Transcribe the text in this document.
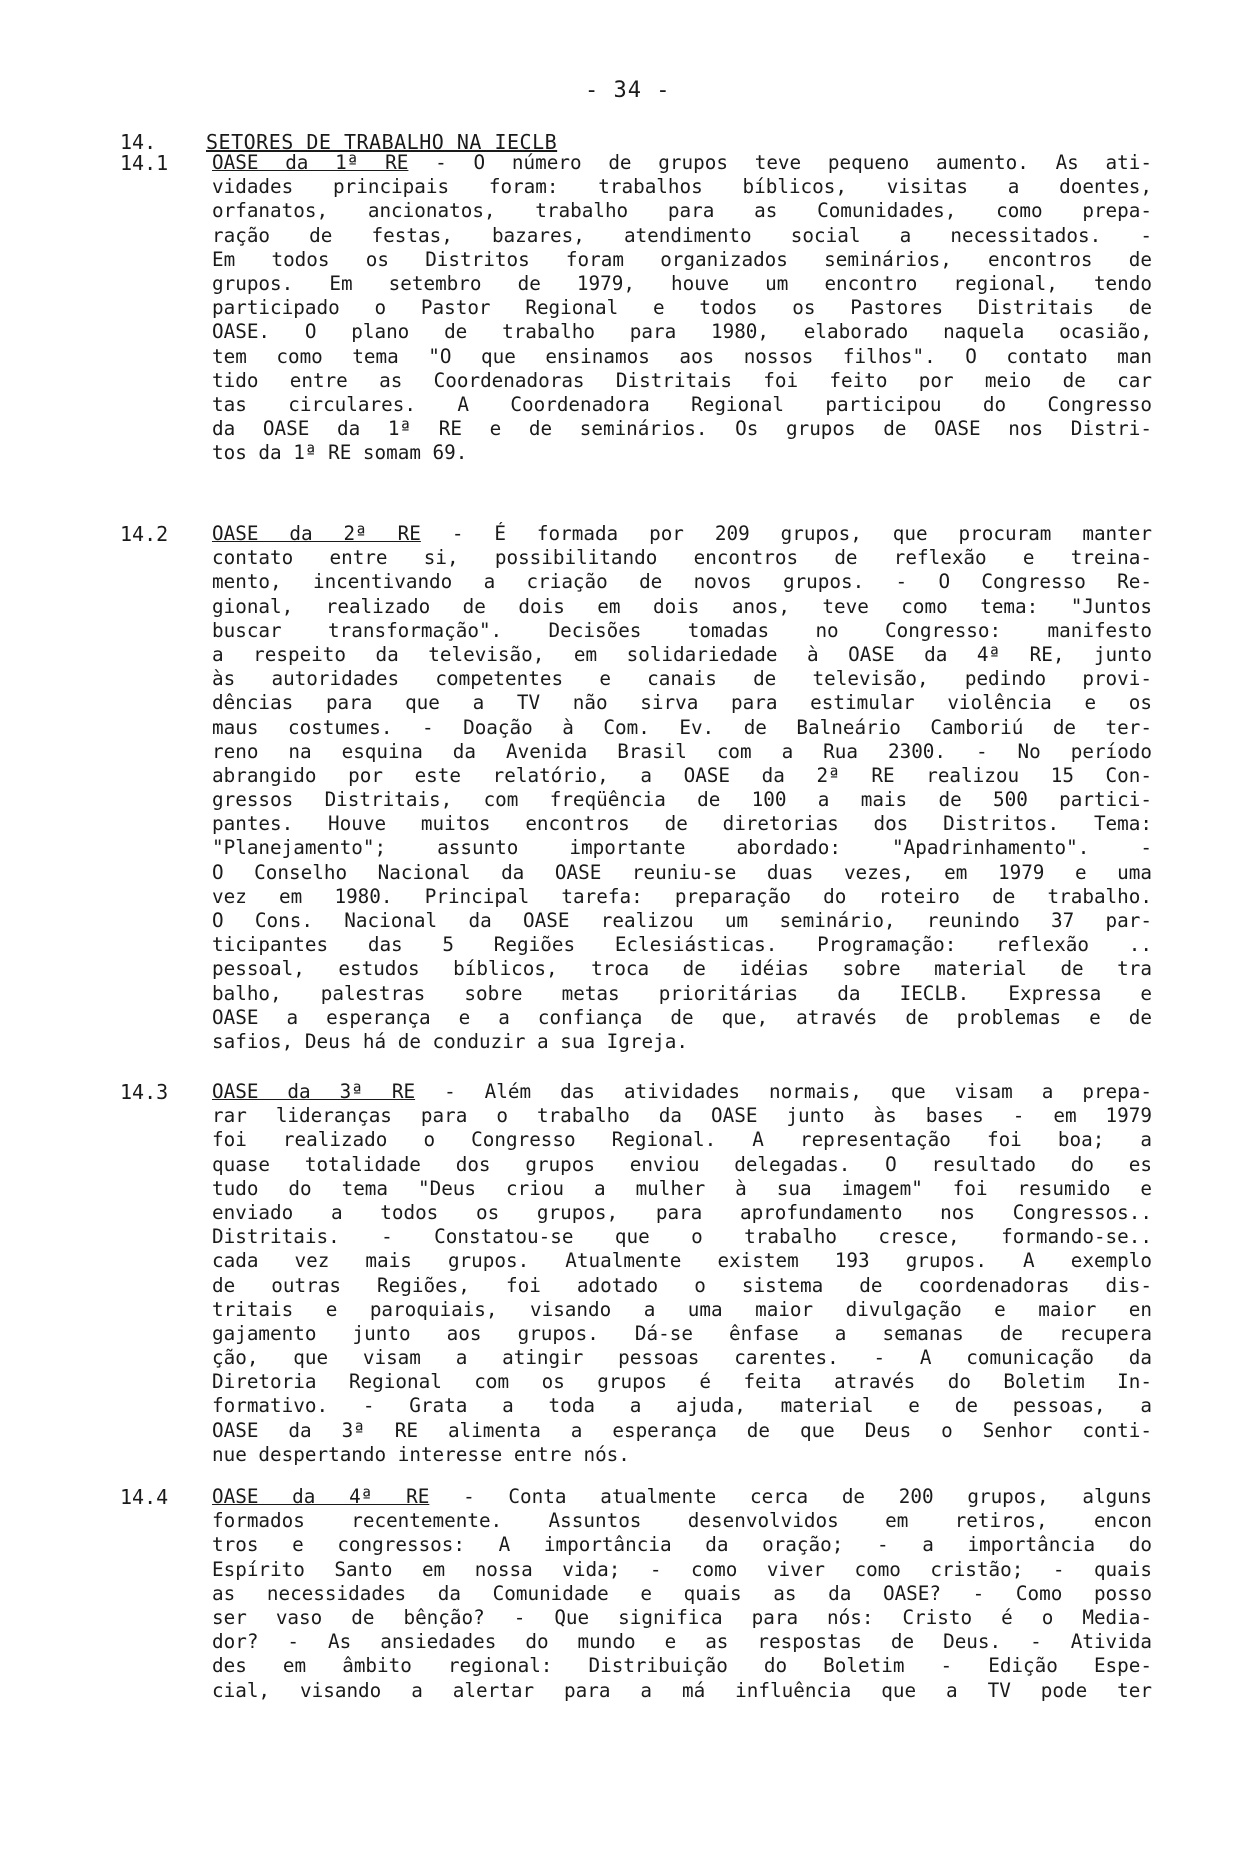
- 34 -
14. SETORES DE TRABALHO NA IECLB
14.1 OASE da 1ª RE - O número de grupos teve pequeno aumento. As ati-
vidades principais foram: trabalhos bíblicos, visitas a doentes,
orfanatos, ancionatos, trabalho para as Comunidades, como prepa-
ração de festas, bazares, atendimento social a necessitados. -
Em todos os Distritos foram organizados seminários, encontros de
grupos. Em setembro de 1979, houve um encontro regional, tendo
participado o Pastor Regional e todos os Pastores Distritais de
OASE. O plano de trabalho para 1980, elaborado naquela ocasião,
tem como tema "O que ensinamos aos nossos filhos". O contato man
tido entre as Coordenadoras Distritais foi feito por meio de car
tas circulares. A Coordenadora Regional participou do Congresso
da OASE da 1ª RE e de seminários. Os grupos de OASE nos Distri-
tos da 1ª RE somam 69.
14.2 OASE da 2ª RE - É formada por 209 grupos, que procuram manter
contato entre si, possibilitando encontros de reflexão e treina-
mento, incentivando a criação de novos grupos. - O Congresso Re-
gional, realizado de dois em dois anos, teve como tema: "Juntos
buscar transformação". Decisões tomadas no Congresso: manifesto
a respeito da televisão, em solidariedade à OASE da 4ª RE, junto
às autoridades competentes e canais de televisão, pedindo provi-
dências para que a TV não sirva para estimular violência e os
maus costumes. - Doação à Com. Ev. de Balneário Camboriú de ter-
reno na esquina da Avenida Brasil com a Rua 2300. - No período
abrangido por este relatório, a OASE da 2ª RE realizou 15 Con-
gressos Distritais, com freqüência de 100 a mais de 500 partici-
pantes. Houve muitos encontros de diretorias dos Distritos. Tema:
"Planejamento"; assunto importante abordado: "Apadrinhamento". -
O Conselho Nacional da OASE reuniu-se duas vezes, em 1979 e uma
vez em 1980. Principal tarefa: preparação do roteiro de trabalho.
O Cons. Nacional da OASE realizou um seminário, reunindo 37 par-
ticipantes das 5 Regiões Eclesiásticas. Programação: reflexão ..
pessoal, estudos bíblicos, troca de idéias sobre material de tra
balho, palestras sobre metas prioritárias da IECLB. Expressa e
OASE a esperança e a confiança de que, através de problemas e de
safios, Deus há de conduzir a sua Igreja.
14.3 OASE da 3ª RE - Além das atividades normais, que visam a prepa-
rar lideranças para o trabalho da OASE junto às bases - em 1979
foi realizado o Congresso Regional. A representação foi boa; a
quase totalidade dos grupos enviou delegadas. O resultado do es
tudo do tema "Deus criou a mulher à sua imagem" foi resumido e
enviado a todos os grupos, para aprofundamento nos Congressos..
Distritais. - Constatou-se que o trabalho cresce, formando-se..
cada vez mais grupos. Atualmente existem 193 grupos. A exemplo
de outras Regiões, foi adotado o sistema de coordenadoras dis-
tritais e paroquiais, visando a uma maior divulgação e maior en
gajamento junto aos grupos. Dá-se ênfase a semanas de recupera
ção, que visam a atingir pessoas carentes. - A comunicação da
Diretoria Regional com os grupos é feita através do Boletim In-
formativo. - Grata a toda a ajuda, material e de pessoas, a
OASE da 3ª RE alimenta a esperança de que Deus o Senhor conti-
nue despertando interesse entre nós.
14.4 OASE da 4ª RE - Conta atualmente cerca de 200 grupos, alguns
formados recentemente. Assuntos desenvolvidos em retiros, encon
tros e congressos: A importância da oração; - a importância do
Espírito Santo em nossa vida; - como viver como cristão; - quais
as necessidades da Comunidade e quais as da OASE? - Como posso
ser vaso de bênção? - Que significa para nós: Cristo é o Media-
dor? - As ansiedades do mundo e as respostas de Deus. - Ativida
des em âmbito regional: Distribuição do Boletim - Edição Espe-
cial, visando a alertar para a má influência que a TV pode ter
